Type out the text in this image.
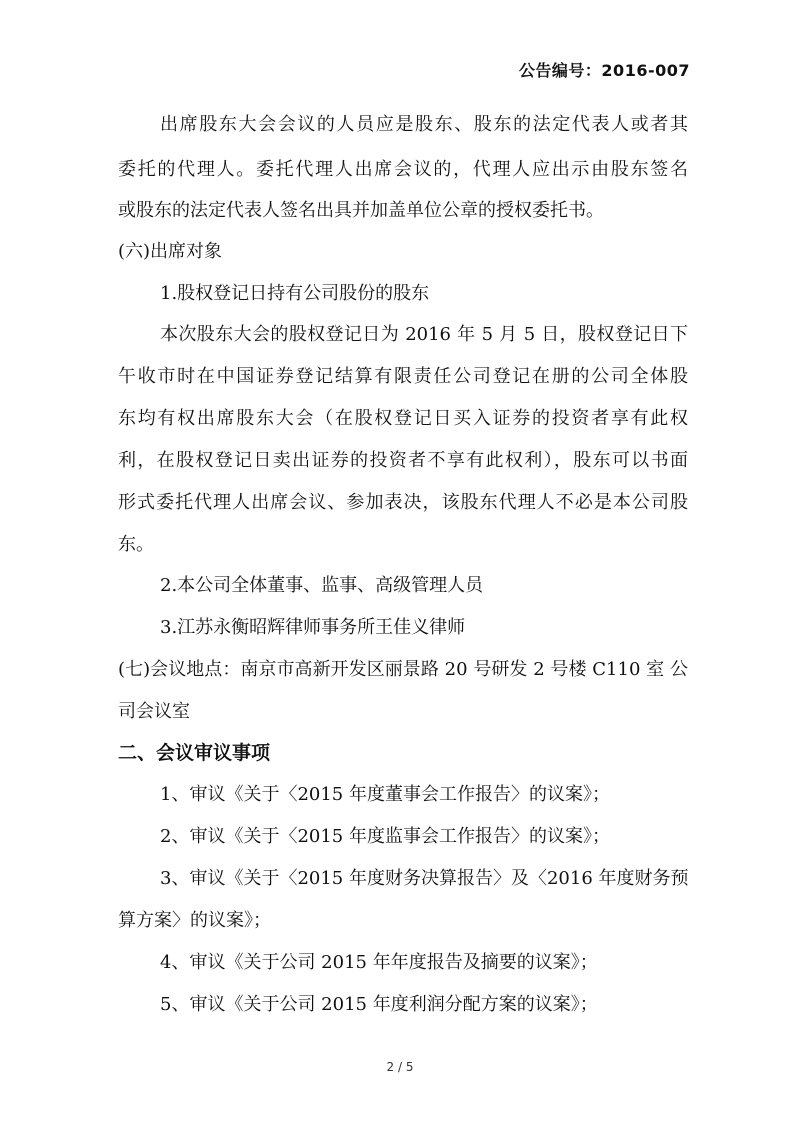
公告编号：2016-007
出席股东大会会议的人员应是股东、股东的法定代表人或者其
委托的代理人。委托代理人出席会议的，代理人应出示由股东签名
或股东的法定代表人签名出具并加盖单位公章的授权委托书。
(六)出席对象
1.股权登记日持有公司股份的股东
本次股东大会的股权登记日为 2016 年 5 月 5 日，股权登记日下
午收市时在中国证券登记结算有限责任公司登记在册的公司全体股
东均有权出席股东大会（在股权登记日买入证券的投资者享有此权
利，在股权登记日卖出证券的投资者不享有此权利），股东可以书面
形式委托代理人出席会议、参加表决，该股东代理人不必是本公司股
东。
2.本公司全体董事、监事、高级管理人员
3.江苏永衡昭辉律师事务所王佳义律师
(七)会议地点：南京市高新开发区丽景路 20 号研发 2 号楼 C110 室 公
司会议室
二、会议审议事项
1、审议《关于〈2015 年度董事会工作报告〉的议案》；
2、审议《关于〈2015 年度监事会工作报告〉的议案》；
3、审议《关于〈2015 年度财务决算报告〉及〈2016 年度财务预
算方案〉的议案》；
4、审议《关于公司 2015 年年度报告及摘要的议案》；
5、审议《关于公司 2015 年度利润分配方案的议案》；
2 / 5
